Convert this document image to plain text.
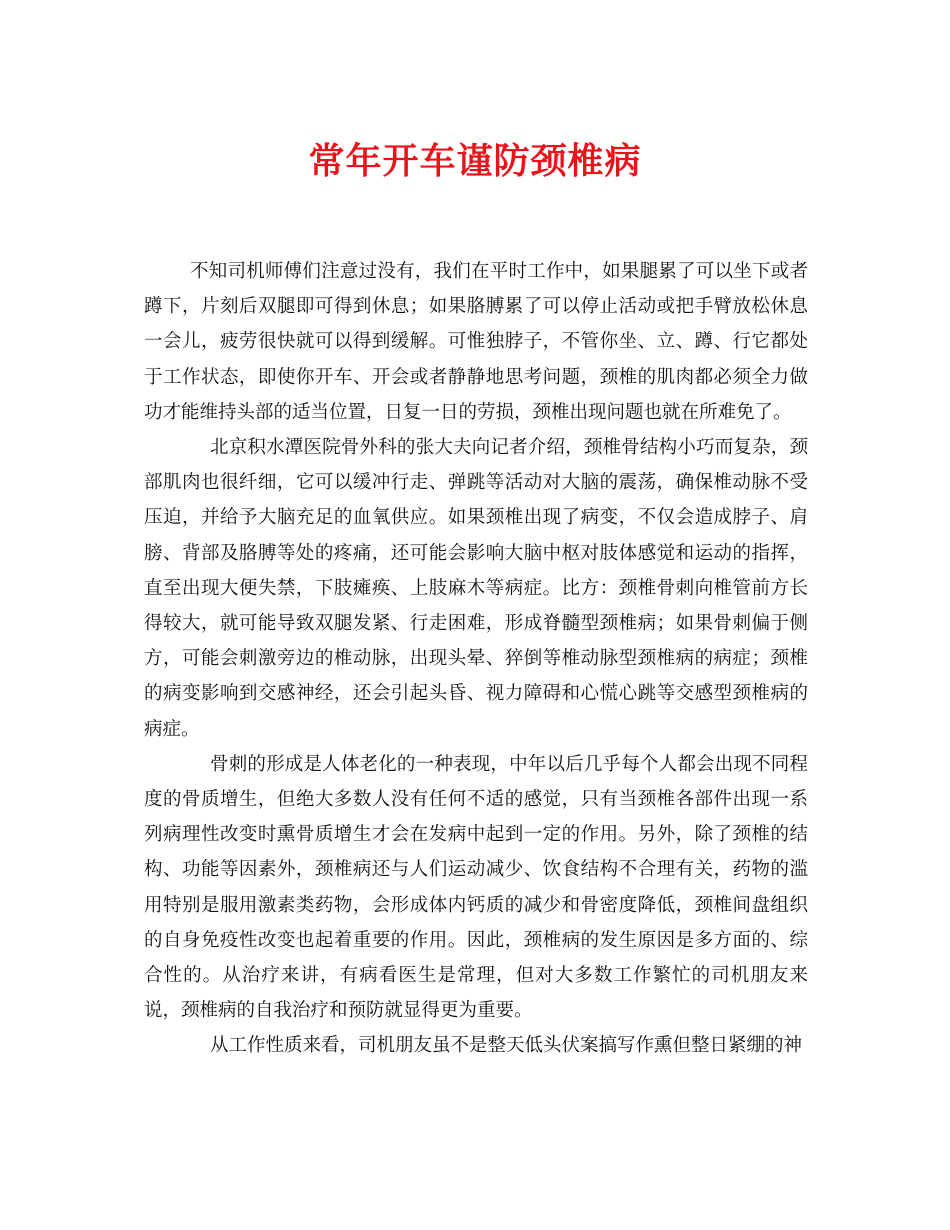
常年开车谨防颈椎病

不知司机师傅们注意过没有，我们在平时工作中，如果腿累了可以坐下或者蹲下，片刻后双腿即可得到休息；如果胳膊累了可以停止活动或把手臂放松休息一会儿，疲劳很快就可以得到缓解。可惟独脖子，不管你坐、立、蹲、行它都处于工作状态，即使你开车、开会或者静静地思考问题，颈椎的肌肉都必须全力做功才能维持头部的适当位置，日复一日的劳损，颈椎出现问题也就在所难免了。

北京积水潭医院骨外科的张大夫向记者介绍，颈椎骨结构小巧而复杂，颈部肌肉也很纤细，它可以缓冲行走、弹跳等活动对大脑的震荡，确保椎动脉不受压迫，并给予大脑充足的血氧供应。如果颈椎出现了病变，不仅会造成脖子、肩膀、背部及胳膊等处的疼痛，还可能会影响大脑中枢对肢体感觉和运动的指挥，直至出现大便失禁，下肢瘫痪、上肢麻木等病症。比方：颈椎骨刺向椎管前方长得较大，就可能导致双腿发紧、行走困难，形成脊髓型颈椎病；如果骨刺偏于侧方，可能会刺激旁边的椎动脉，出现头晕、猝倒等椎动脉型颈椎病的病症；颈椎的病变影响到交感神经，还会引起头昏、视力障碍和心慌心跳等交感型颈椎病的病症。

骨刺的形成是人体老化的一种表现，中年以后几乎每个人都会出现不同程度的骨质增生，但绝大多数人没有任何不适的感觉，只有当颈椎各部件出现一系列病理性改变时熏骨质增生才会在发病中起到一定的作用。另外，除了颈椎的结构、功能等因素外，颈椎病还与人们运动减少、饮食结构不合理有关，药物的滥用特别是服用激素类药物，会形成体内钙质的减少和骨密度降低，颈椎间盘组织的自身免疫性改变也起着重要的作用。因此，颈椎病的发生原因是多方面的、综合性的。从治疗来讲，有病看医生是常理，但对大多数工作繁忙的司机朋友来说，颈椎病的自我治疗和预防就显得更为重要。

从工作性质来看，司机朋友虽不是整天低头伏案搞写作熏但整日紧绷的神
